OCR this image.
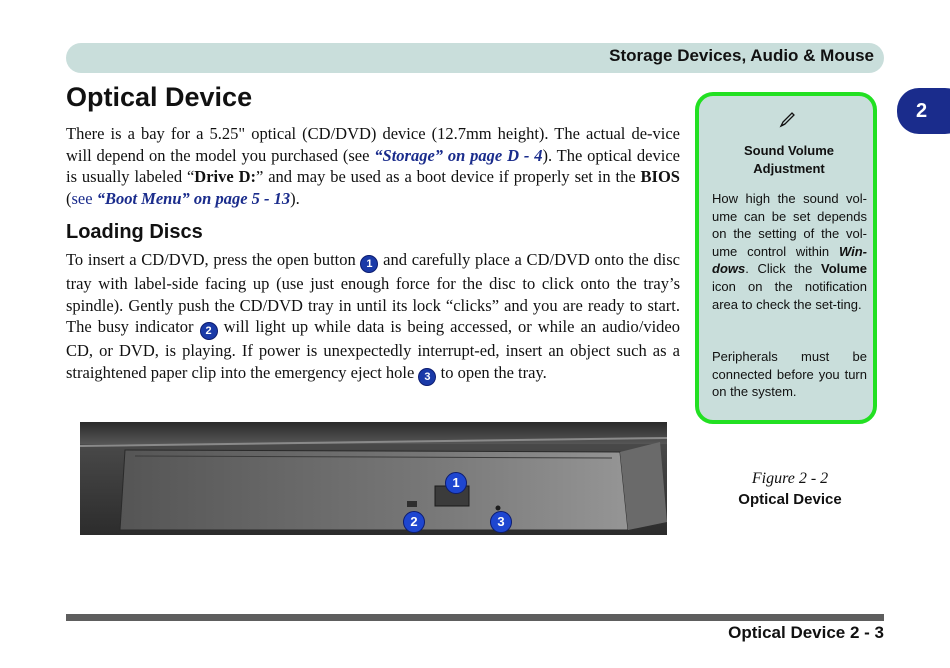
Storage Devices, Audio & Mouse
2
Optical Device

There is a bay for a 5.25" optical (CD/DVD) device (12.7mm height). The actual de-vice will depend on the model you purchased (see “Storage” on page D - 4). The optical device is usually labeled “Drive D:” and may be used as a boot device if properly set in the BIOS (see “Boot Menu” on page 5 - 13).

Loading Discs

To insert a CD/DVD, press the open button 1 and carefully place a CD/DVD onto the disc tray with label-side facing up (use just enough force for the disc to click onto the tray’s spindle). Gently push the CD/DVD tray in until its lock “clicks” and you are ready to start. The busy indicator 2 will light up while data is being accessed, or while an audio/video CD, or DVD, is playing. If power is unexpectedly interrupt-ed, insert an object such as a straightened paper clip into the emergency eject hole 3 to open the tray.

1
2	3
Sound Volume
Adjustment

How high the sound vol-ume can be set depends on the setting of the vol-ume control within Win-dows. Click the Volume icon on the notification area to check the set-ting.

Peripherals must be connected before you turn on the system.

Figure 2 - 2
Optical Device
Optical Device 2 - 3
